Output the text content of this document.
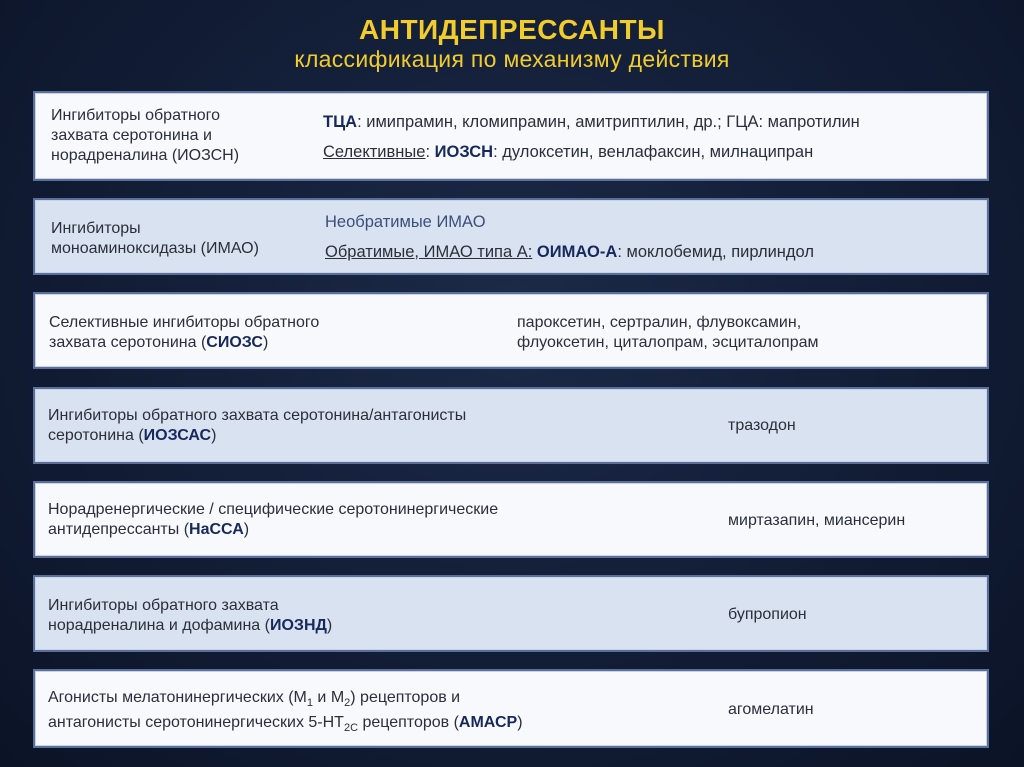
АНТИДЕПРЕССАНТЫ
классификация по механизму действия
Ингибиторы обратного
захвата серотонина и
норадреналина (ИОЗСН)
ТЦА: имипрамин, кломипрамин, амитриптилин, др.; ГЦА: мапротилин
Селективные: ИОЗСН: дулоксетин, венлафаксин, милнаципран
Ингибиторы
моноаминоксидазы (ИМАО)
Необратимые ИМАО
Обратимые, ИМАО типа А: ОИМАО-А: моклобемид, пирлиндол
Селективные ингибиторы обратного
захвата серотонина (СИОЗС)
пароксетин, сертралин, флувоксамин,
флуоксетин, циталопрам, эсциталопрам
Ингибиторы обратного захвата серотонина/антагонисты
серотонина (ИОЗСАС)
тразодон
Норадренергические / специфические серотонинергические
антидепрессанты (НаССА)
миртазапин, миансерин
Ингибиторы обратного захвата
норадреналина и дофамина (ИОЗНД)
бупропион
Агонисты мелатонинергических ($М_1$ и $М_2$) рецепторов и
антагонисты серотонинергических $5-НТ_{2С}$ рецепторов (АМАСР)
агомелатин
